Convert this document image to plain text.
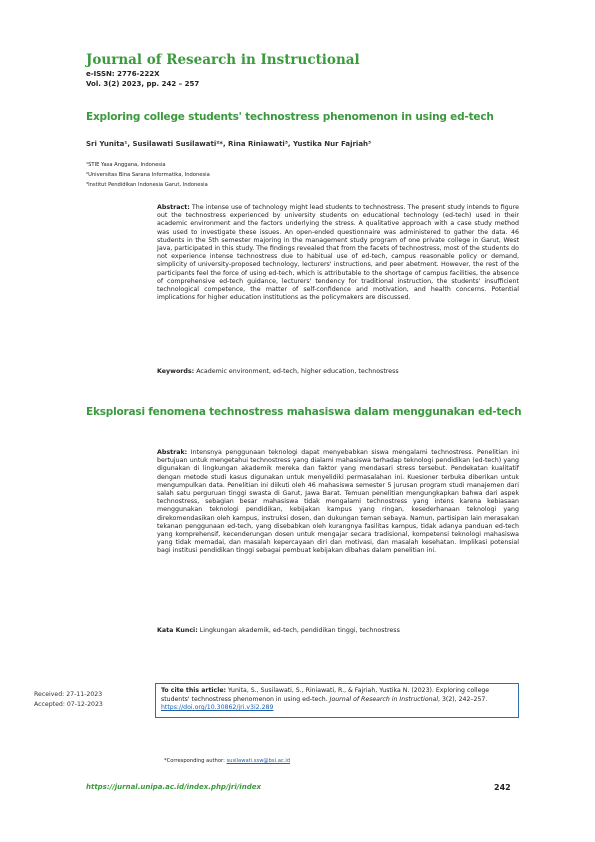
Journal of Research in Instructional
e-ISSN: 2776-222X
Vol. 3(2) 2023, pp. 242 – 257
Exploring college students' technostress phenomenon in using ed-tech
Sri Yunita¹, Susilawati Susilawati²*, Rina Riniawati³, Yustika Nur Fajriah³
¹STIE Yasa Anggana, Indonesia
²Universitas Bina Sarana Informatika, Indonesia
³Institut Pendidikan Indonesia Garut, Indonesia
Abstract: The intense use of technology might lead students to technostress. The present study intends to figure out the technostress experienced by university students on educational technology (ed-tech) used in their academic environment and the factors underlying the stress. A qualitative approach with a case study method was used to investigate these issues. An open-ended questionnaire was administered to gather the data. 46 students in the 5th semester majoring in the management study program of one private college in Garut, West Java, participated in this study. The findings revealed that from the facets of technostress, most of the students do not experience intense technostress due to habitual use of ed-tech, campus reasonable policy or demand, simplicity of university-proposed technology, lecturers' instructions, and peer abetment. However, the rest of the participants feel the force of using ed-tech, which is attributable to the shortage of campus facilities, the absence of comprehensive ed-tech guidance, lecturers' tendency for traditional instruction, the students' insufficient technological competence, the matter of self-confidence and motivation, and health concerns. Potential implications for higher education institutions as the policymakers are discussed.
Keywords: Academic environment, ed-tech, higher education, technostress
Eksplorasi fenomena technostress mahasiswa dalam menggunakan ed-tech
Abstrak: Intensnya penggunaan teknologi dapat menyebabkan siswa mengalami technostress. Penelitian ini bertujuan untuk mengetahui technostress yang dialami mahasiswa terhadap teknologi pendidikan (ed-tech) yang digunakan di lingkungan akademik mereka dan faktor yang mendasari stress tersebut. Pendekatan kualitatif dengan metode studi kasus digunakan untuk menyelidiki permasalahan ini. Kuesioner terbuka diberikan untuk mengumpulkan data. Penelitian ini diikuti oleh 46 mahasiswa semester 5 jurusan program studi manajemen dari salah satu perguruan tinggi swasta di Garut, Jawa Barat. Temuan penelitian mengungkapkan bahwa dari aspek technostress, sebagian besar mahasiswa tidak mengalami technostress yang intens karena kebiasaan menggunakan teknologi pendidikan, kebijakan kampus yang ringan, kesederhanaan teknologi yang direkomendasikan oleh kampus, instruksi dosen, dan dukungan teman sebaya. Namun, partisipan lain merasakan tekanan penggunaan ed-tech, yang disebabkan oleh kurangnya fasilitas kampus, tidak adanya panduan ed-tech yang komprehensif, kecenderungan dosen untuk mengajar secara tradisional, kompetensi teknologi mahasiswa yang tidak memadai, dan masalah kepercayaan diri dan motivasi, dan masalah kesehatan. Implikasi potensial bagi institusi pendidikan tinggi sebagai pembuat kebijakan dibahas dalam penelitian ini.
Kata Kunci: Lingkungan akademik, ed-tech, pendidikan tinggi, technostress
Received: 27-11-2023
Accepted: 07-12-2023
To cite this article: Yunita, S., Susilawati, S., Riniawati, R., & Fajriah, Yustika N. (2023). Exploring college students' technostress phenomenon in using ed-tech. Journal of Research in Instructional, 3(2), 242–257. https://doi.org/10.30862/jri.v3i2.289
*Corresponding author: susilawati.ssw@bsi.ac.id
https://jurnal.unipa.ac.id/index.php/jri/index	242
